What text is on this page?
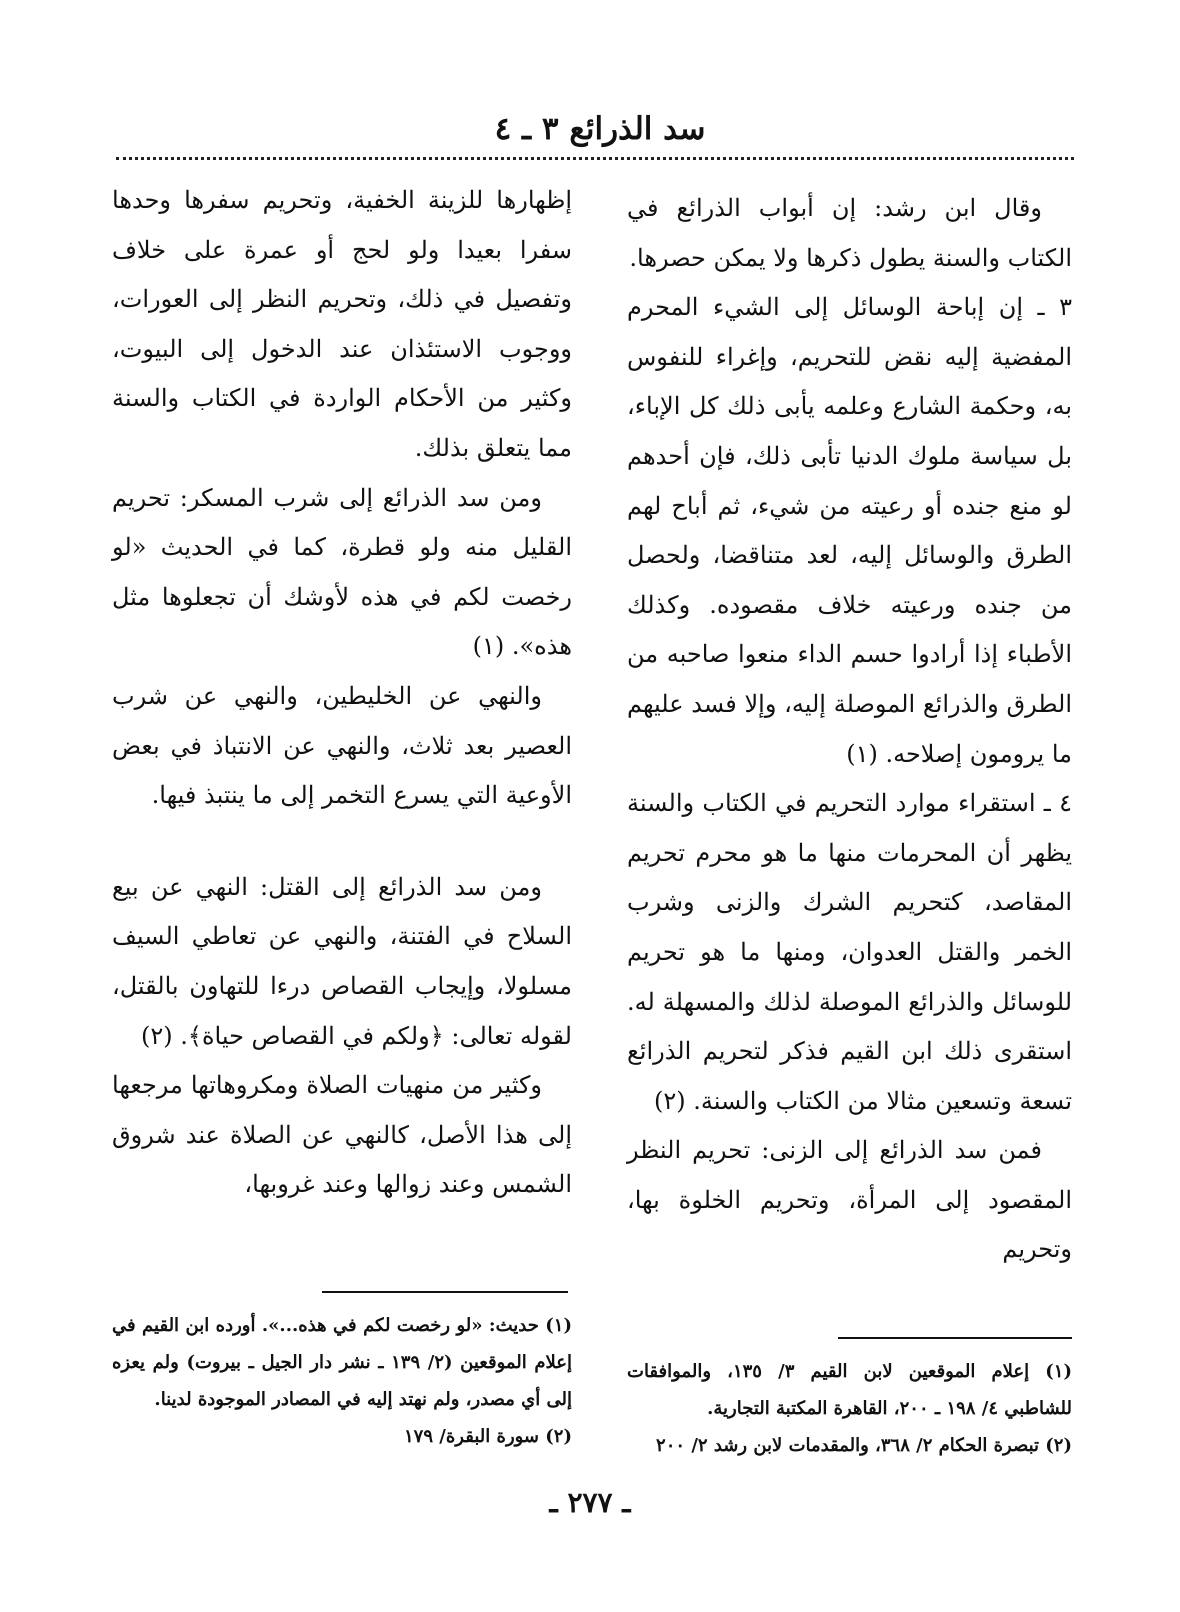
سد الذرائع ٣ ـ ٤

وقال ابن رشد: إن أبواب الذرائع في الكتاب والسنة يطول ذكرها ولا يمكن حصرها.

٣ ـ إن إباحة الوسائل إلى الشيء المحرم المفضية إليه نقض للتحريم، وإغراء للنفوس به، وحكمة الشارع وعلمه يأبى ذلك كل الإباء، بل سياسة ملوك الدنيا تأبى ذلك، فإن أحدهم لو منع جنده أو رعيته من شيء، ثم أباح لهم الطرق والوسائل إليه، لعد متناقضا، ولحصل من جنده ورعيته خلاف مقصوده. وكذلك الأطباء إذا أرادوا حسم الداء منعوا صاحبه من الطرق والذرائع الموصلة إليه، وإلا فسد عليهم ما يرومون إصلاحه. (١)

٤ ـ استقراء موارد التحريم في الكتاب والسنة يظهر أن المحرمات منها ما هو محرم تحريم المقاصد، كتحريم الشرك والزنى وشرب الخمر والقتل العدوان، ومنها ما هو تحريم للوسائل والذرائع الموصلة لذلك والمسهلة له. استقرى ذلك ابن القيم فذكر لتحريم الذرائع تسعة وتسعين مثالا من الكتاب والسنة. (٢)

فمن سد الذرائع إلى الزنى: تحريم النظر المقصود إلى المرأة، وتحريم الخلوة بها، وتحريم

إظهارها للزينة الخفية، وتحريم سفرها وحدها سفرا بعيدا ولو لحج أو عمرة على خلاف وتفصيل في ذلك، وتحريم النظر إلى العورات، ووجوب الاستئذان عند الدخول إلى البيوت، وكثير من الأحكام الواردة في الكتاب والسنة مما يتعلق بذلك.

ومن سد الذرائع إلى شرب المسكر: تحريم القليل منه ولو قطرة، كما في الحديث «لو رخصت لكم في هذه لأوشك أن تجعلوها مثل هذه». (١)

والنهي عن الخليطين، والنهي عن شرب العصير بعد ثلاث، والنهي عن الانتباذ في بعض الأوعية التي يسرع التخمر إلى ما ينتبذ فيها.

ومن سد الذرائع إلى القتل: النهي عن بيع السلاح في الفتنة، والنهي عن تعاطي السيف مسلولا، وإيجاب القصاص درءا للتهاون بالقتل، لقوله تعالى: ﴿ولكم في القصاص حياة﴾. (٢)

وكثير من منهيات الصلاة ومكروهاتها مرجعها إلى هذا الأصل، كالنهي عن الصلاة عند شروق الشمس وعند زوالها وعند غروبها،

(١) حديث: «لو رخصت لكم في هذه...». أورده ابن القيم في إعلام الموقعين (٢/ ١٣٩ ـ نشر دار الجيل ـ بيروت) ولم يعزه إلى أي مصدر، ولم نهتد إليه في المصادر الموجودة لدينا.

(٢) سورة البقرة/ ١٧٩

(١) إعلام الموقعين لابن القيم ٣/ ١٣٥، والموافقات للشاطبي ٤/ ١٩٨ ـ ٢٠٠، القاهرة المكتبة التجارية.

(٢) تبصرة الحكام ٢/ ٣٦٨، والمقدمات لابن رشد ٢/ ٢٠٠

ـ ٢٧٧ ـ
